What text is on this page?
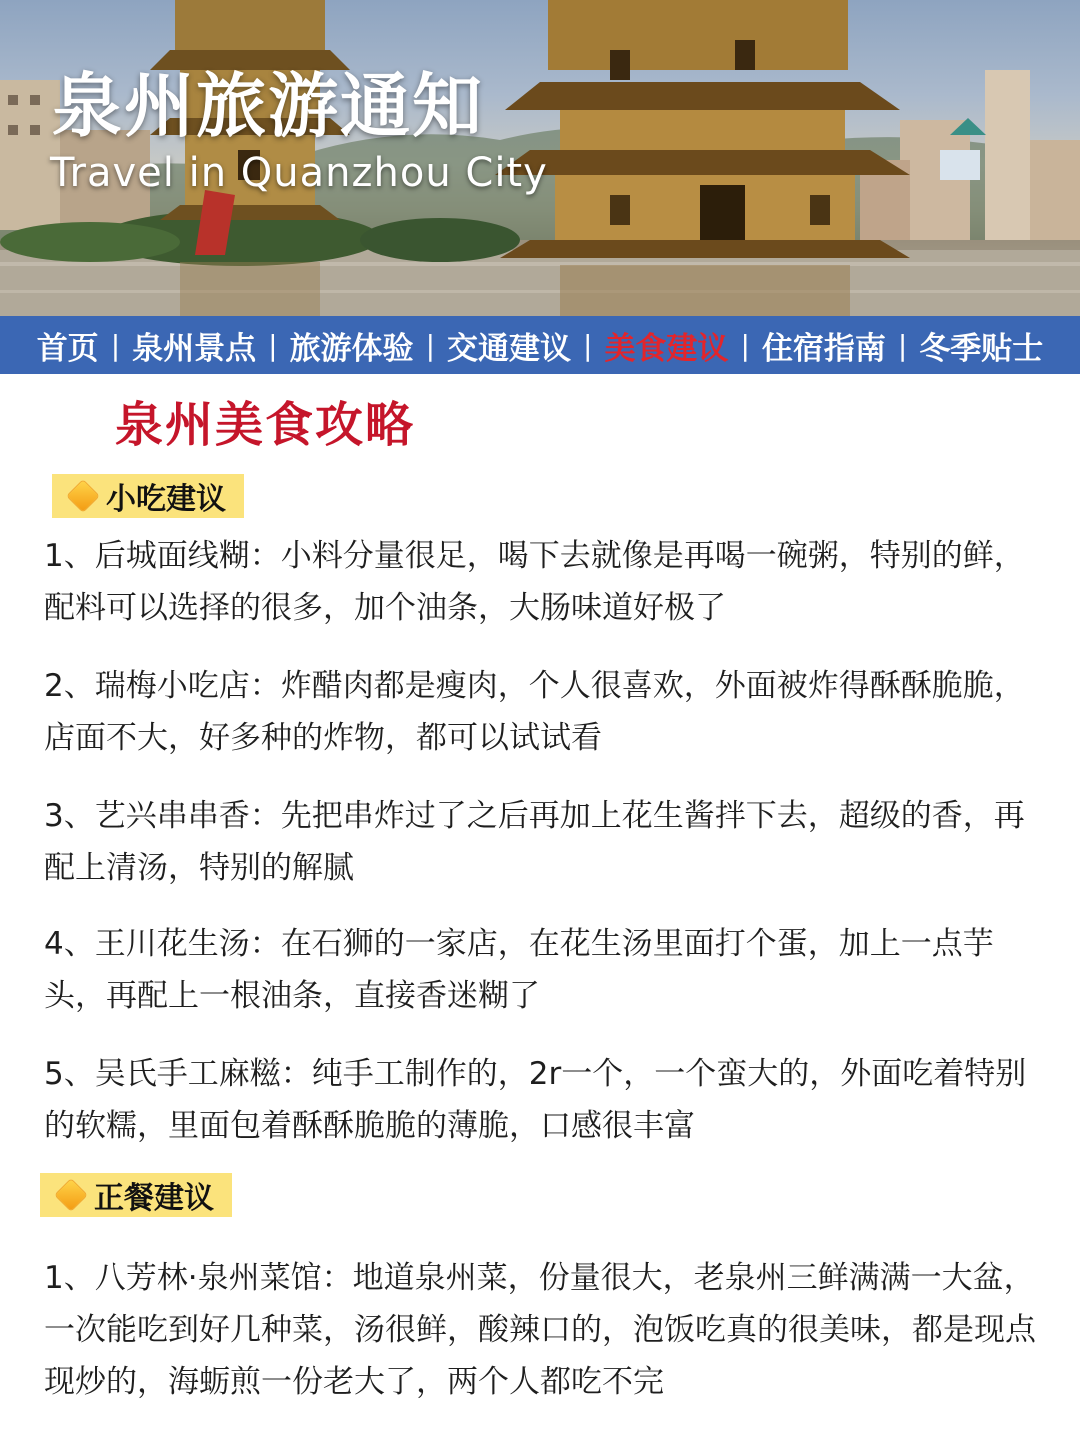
泉州旅游通知
Travel in Quanzhou City
首页 | 泉州景点 | 旅游体验 | 交通建议 | 美食建议 | 住宿指南 | 冬季贴士
泉州美食攻略
小吃建议

1、后城面线糊：小料分量很足，喝下去就像是再喝一碗粥，特别的鲜，配料可以选择的很多，加个油条，大肠味道好极了

2、瑞梅小吃店：炸醋肉都是瘦肉，个人很喜欢，外面被炸得酥酥脆脆，店面不大，好多种的炸物，都可以试试看

3、艺兴串串香：先把串炸过了之后再加上花生酱拌下去，超级的香，再配上清汤，特别的解腻

4、王川花生汤：在石狮的一家店，在花生汤里面打个蛋，加上一点芋头，再配上一根油条，直接香迷糊了

5、吴氏手工麻糍：纯手工制作的，2r一个，一个蛮大的，外面吃着特别的软糯，里面包着酥酥脆脆的薄脆，口感很丰富

正餐建议

1、八芳林·泉州菜馆：地道泉州菜，份量很大，老泉州三鲜满满一大盆，一次能吃到好几种菜，汤很鲜，酸辣口的，泡饭吃真的很美味，都是现点现炒的，海蛎煎一份老大了，两个人都吃不完
